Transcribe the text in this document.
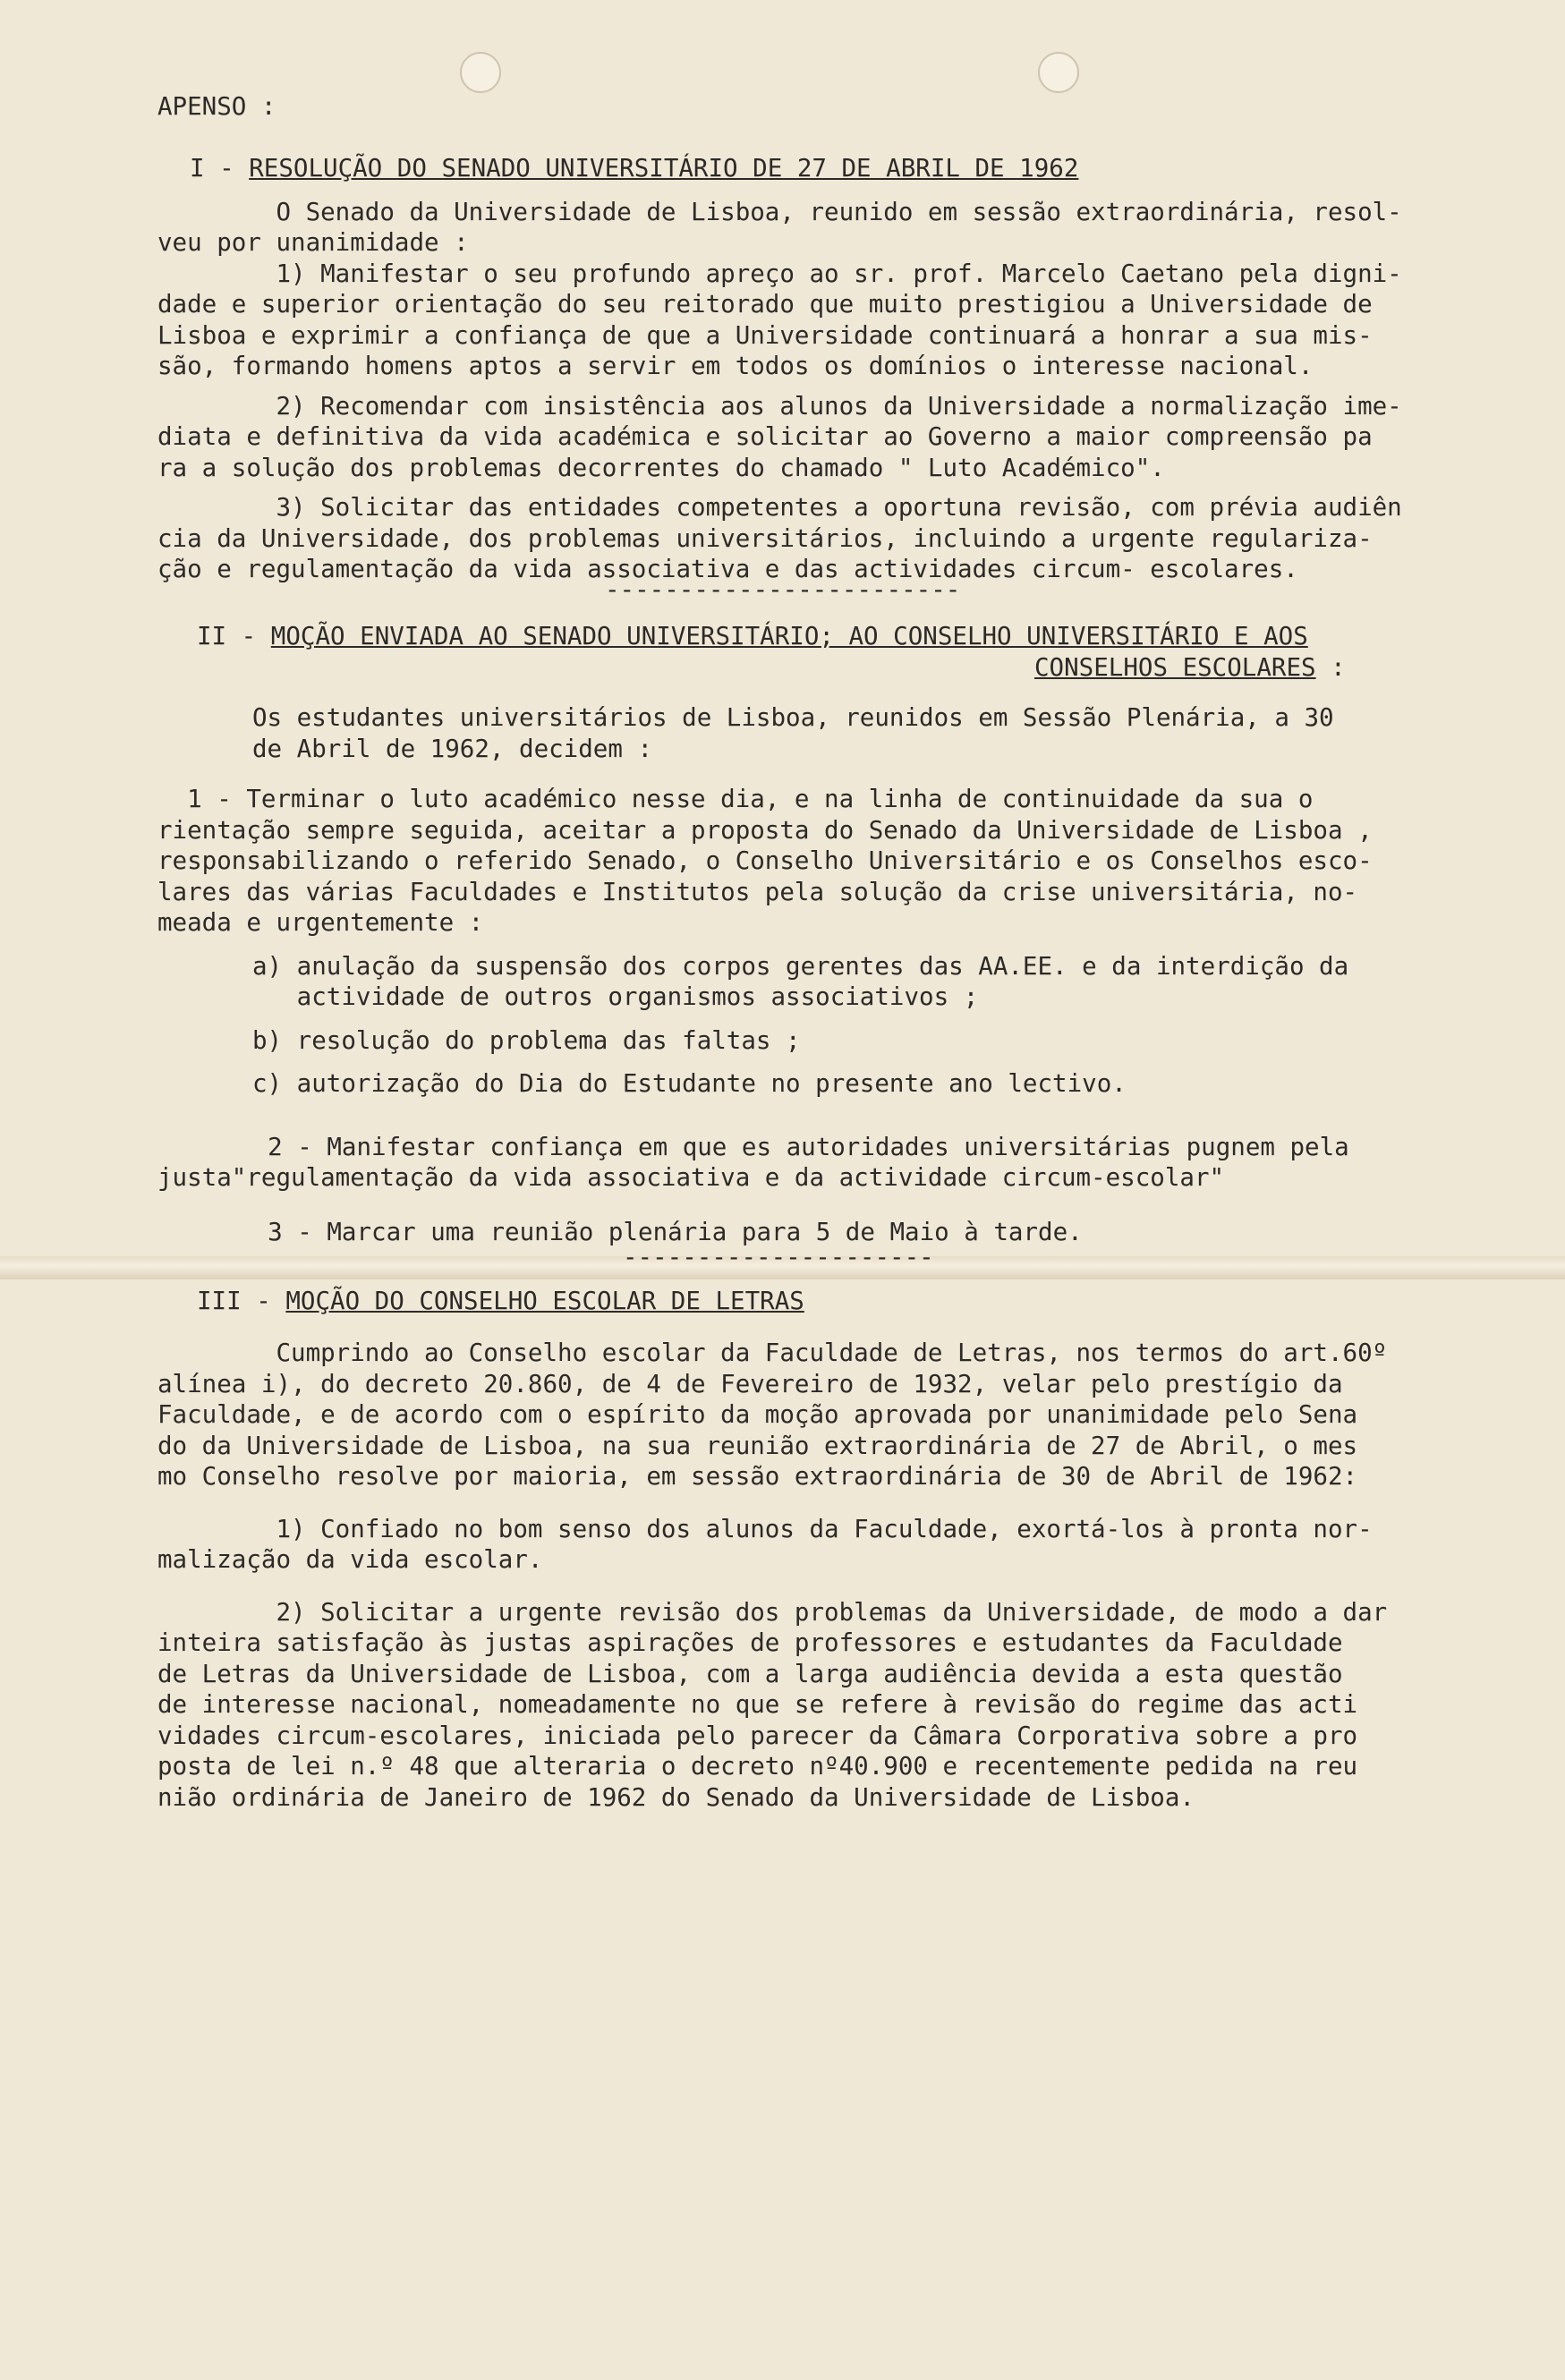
APENSO :

I - RESOLUÇÃO DO SENADO UNIVERSITÁRIO DE 27 DE ABRIL DE 1962

O Senado da Universidade de Lisboa, reunido em sessão extraordinária, resol-
veu por unanimidade :
1) Manifestar o seu profundo apreço ao sr. prof. Marcelo Caetano pela digni-
dade e superior orientação do seu reitorado que muito prestigiou a Universidade de
Lisboa e exprimir a confiança de que a Universidade continuará a honrar a sua mis-
são, formando homens aptos a servir em todos os domínios o interesse nacional.
2) Recomendar com insistência aos alunos da Universidade a normalização ime-
diata e definitiva da vida académica e solicitar ao Governo a maior compreensão pa
ra a solução dos problemas decorrentes do chamado " Luto Académico".
3) Solicitar das entidades competentes a oportuna revisão, com prévia audiên
cia da Universidade, dos problemas universitários, incluindo a urgente regulariza-
ção e regulamentação da vida associativa e das actividades circum- escolares.
------------------------
II - MOÇÃO ENVIADA AO SENADO UNIVERSITÁRIO; AO CONSELHO UNIVERSITÁRIO E AOS
CONSELHOS ESCOLARES :
Os estudantes universitários de Lisboa, reunidos em Sessão Plenária, a 30
de Abril de 1962, decidem :
1 - Terminar o luto académico nesse dia, e na linha de continuidade da sua o
rientação sempre seguida, aceitar a proposta do Senado da Universidade de Lisboa ,
responsabilizando o referido Senado, o Conselho Universitário e os Conselhos esco-
lares das várias Faculdades e Institutos pela solução da crise universitária, no-
meada e urgentemente :
a) anulação da suspensão dos corpos gerentes das AA.EE. e da interdição da
actividade de outros organismos associativos ;
b) resolução do problema das faltas ;
c) autorização do Dia do Estudante no presente ano lectivo.
2 - Manifestar confiança em que es autoridades universitárias pugnem pela
justa"regulamentação da vida associativa e da actividade circum-escolar"
3 - Marcar uma reunião plenária para 5 de Maio à tarde.
---------------------
III - MOÇÃO DO CONSELHO ESCOLAR DE LETRAS
Cumprindo ao Conselho escolar da Faculdade de Letras, nos termos do art.60º
alínea i), do decreto 20.860, de 4 de Fevereiro de 1932, velar pelo prestígio da
Faculdade, e de acordo com o espírito da moção aprovada por unanimidade pelo Sena
do da Universidade de Lisboa, na sua reunião extraordinária de 27 de Abril, o mes
mo Conselho resolve por maioria, em sessão extraordinária de 30 de Abril de 1962:
1) Confiado no bom senso dos alunos da Faculdade, exortá-los à pronta nor-
malização da vida escolar.
2) Solicitar a urgente revisão dos problemas da Universidade, de modo a dar
inteira satisfação às justas aspirações de professores e estudantes da Faculdade
de Letras da Universidade de Lisboa, com a larga audiência devida a esta questão
de interesse nacional, nomeadamente no que se refere à revisão do regime das acti
vidades circum-escolares, iniciada pelo parecer da Câmara Corporativa sobre a pro
posta de lei n.º 48 que alteraria o decreto nº40.900 e recentemente pedida na reu
nião ordinária de Janeiro de 1962 do Senado da Universidade de Lisboa.
